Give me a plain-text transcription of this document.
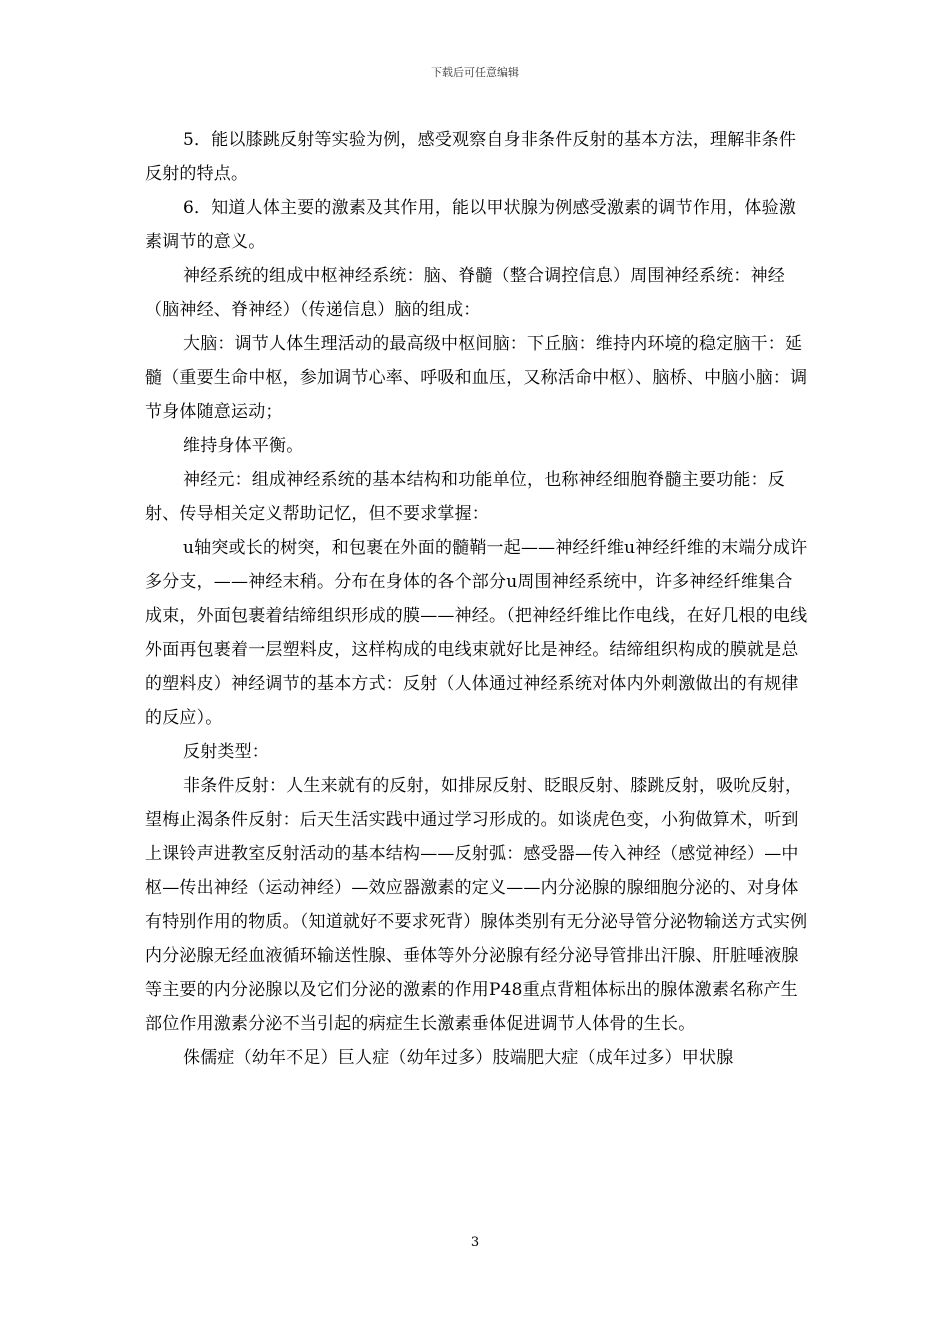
下载后可任意编辑

5．能以膝跳反射等实验为例，感受观察自身非条件反射的基本方法，理解非条件反射的特点。

6．知道人体主要的激素及其作用，能以甲状腺为例感受激素的调节作用，体验激素调节的意义。

神经系统的组成中枢神经系统：脑、脊髓（整合调控信息）周围神经系统：神经（脑神经、脊神经）（传递信息）脑的组成：

大脑：调节人体生理活动的最高级中枢间脑：下丘脑：维持内环境的稳定脑干：延髓（重要生命中枢，参加调节心率、呼吸和血压，又称活命中枢）、脑桥、中脑小脑：调节身体随意运动；

维持身体平衡。

神经元：组成神经系统的基本结构和功能单位，也称神经细胞脊髓主要功能：反射、传导相关定义帮助记忆，但不要求掌握：

u轴突或长的树突，和包裹在外面的髓鞘一起——神经纤维u神经纤维的末端分成许多分支，——神经末稍。分布在身体的各个部分u周围神经系统中，许多神经纤维集合成束，外面包裹着结缔组织形成的膜——神经。（把神经纤维比作电线，在好几根的电线外面再包裹着一层塑料皮，这样构成的电线束就好比是神经。结缔组织构成的膜就是总的塑料皮）神经调节的基本方式：反射（人体通过神经系统对体内外刺激做出的有规律的反应）。

反射类型：

非条件反射：人生来就有的反射，如排尿反射、眨眼反射、膝跳反射，吸吮反射，望梅止渴条件反射：后天生活实践中通过学习形成的。如谈虎色变，小狗做算术，听到上课铃声进教室反射活动的基本结构——反射弧：感受器—传入神经（感觉神经）—中枢—传出神经（运动神经）—效应器激素的定义——内分泌腺的腺细胞分泌的、对身体有特别作用的物质。（知道就好不要求死背）腺体类别有无分泌导管分泌物输送方式实例内分泌腺无经血液循环输送性腺、垂体等外分泌腺有经分泌导管排出汗腺、肝脏唾液腺等主要的内分泌腺以及它们分泌的激素的作用P48重点背粗体标出的腺体激素名称产生部位作用激素分泌不当引起的病症生长激素垂体促进调节人体骨的生长。

侏儒症（幼年不足）巨人症（幼年过多）肢端肥大症（成年过多）甲状腺

3
